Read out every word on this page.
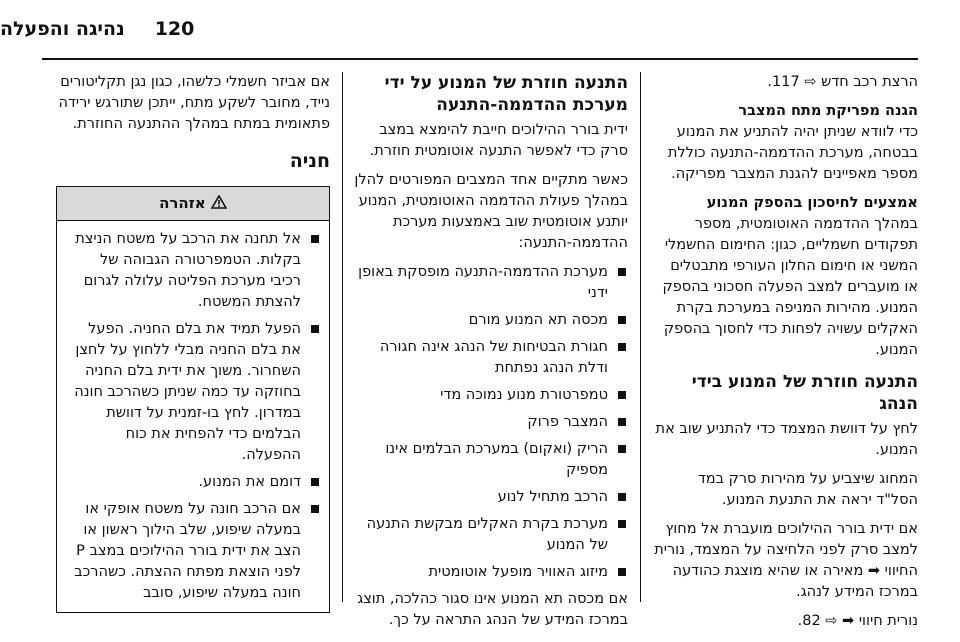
120
נהיגה והפעלה

הרצת רכב חדש ⇨ 117.

הגנה מפריקת מתח המצבר

כדי לוודא שניתן יהיה להתניע את המנוע בבטחה, מערכת ההדממה-התנעה כוללת מספר מאפיינים להגנת המצבר מפריקה.

אמצעים לחיסכון בהספק המנוע

במהלך ההדממה האוטומטית, מספר תפקודים חשמליים, כגון: החימום החשמלי המשני או חימום החלון העורפי מתבטלים או מועברים למצב הפעלה חסכוני בהספק המנוע. מהירות המניפה במערכת בקרת האקלים עשויה לפחות כדי לחסוך בהספק המנוע.

התנעה חוזרת של המנוע בידי הנהג

לחץ על דוושת המצמד כדי להתניע שוב את המנוע.

המחוג שיצביע על מהירות סרק במד הסל"ד יראה את התנעת המנוע.

אם ידית בורר ההילוכים מועברת אל מחוץ למצב סרק לפני הלחיצה על המצמד, נורית החיווי ➡ מאירה או שהיא מוצגת כהודעה במרכז המידע לנהג.

נורית חיווי ➡ ⇨ 82.

התנעה חוזרת של המנוע על ידי מערכת ההדממה-התנעה

ידית בורר ההילוכים חייבת להימצא במצב סרק כדי לאפשר התנעה אוטומטית חוזרת.

כאשר מתקיים אחד המצבים המפורטים להלן במהלך פעולת ההדממה האוטומטית, המנוע יותנע אוטומטית שוב באמצעות מערכת ההדממה-התנעה:

מערכת ההדממה-התנעה מופסקת באופן ידני
מכסה תא המנוע מורם
חגורת הבטיחות של הנהג אינה חגורה ודלת הנהג נפתחת
טמפרטורת מנוע נמוכה מדי
המצבר פרוק
הריק (ואקום) במערכת הבלמים אינו מספיק
הרכב מתחיל לנוע
מערכת בקרת האקלים מבקשת התנעה של המנוע
מיזוג האוויר מופעל אוטומטית

אם מכסה תא המנוע אינו סגור כהלכה, תוצג במרכז המידע של הנהג התראה על כך.

אם אביזר חשמלי כלשהו, כגון נגן תקליטורים נייד, מחובר לשקע מתח, ייתכן שתורגש ירידה פתאומית במתח במהלך ההתנעה החוזרת.

חניה
אזהרה
אל תחנה את הרכב על משטח הניצת בקלות. הטמפרטורה הגבוהה של רכיבי מערכת הפליטה עלולה לגרום להצתת המשטח.
הפעל תמיד את בלם החניה. הפעל את בלם החניה מבלי ללחוץ על לחצן השחרור. משוך את ידית בלם החניה בחוזקה עד כמה שניתן כשהרכב חונה במדרון. לחץ בו-זמנית על דוושת הבלמים כדי להפחית את כוח ההפעלה.
דומם את המנוע.
אם הרכב חונה על משטח אופקי או במעלה שיפוע, שלב הילוך ראשון או הצב את ידית בורר ההילוכים במצב P לפני הוצאת מפתח ההצתה. כשהרכב חונה במעלה שיפוע, סובב
